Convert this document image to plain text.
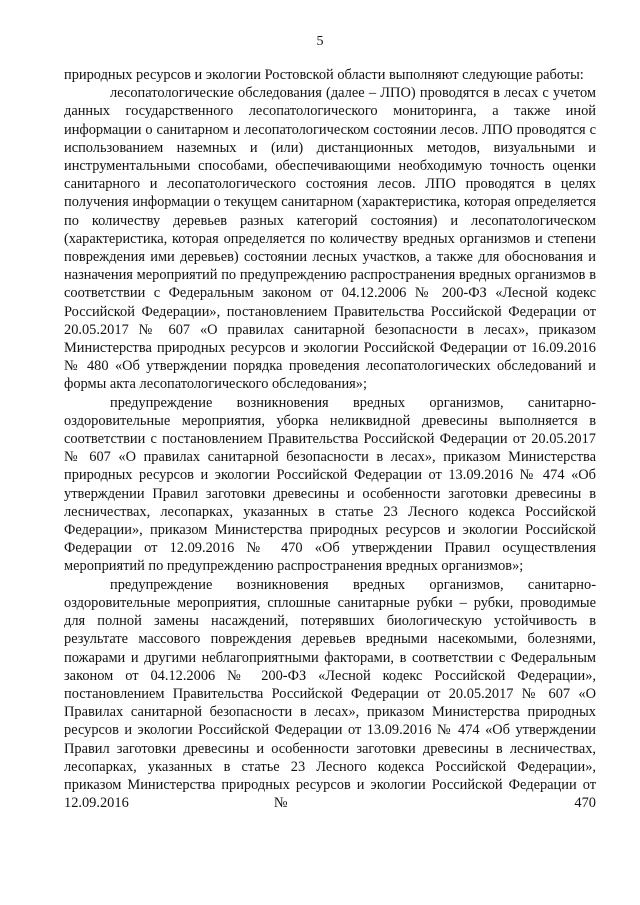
5

природных ресурсов и экологии Ростовской области выполняют следующие работы:

лесопатологические обследования (далее – ЛПО) проводятся в лесах с учетом данных государственного лесопатологического мониторинга, а также иной информации о санитарном и лесопатологическом состоянии лесов. ЛПО проводятся с использованием наземных и (или) дистанционных методов, визуальными и инструментальными способами, обеспечивающими необходимую точность оценки санитарного и лесопатологического состояния лесов. ЛПО проводятся в целях получения информации о текущем санитарном (характеристика, которая определяется по количеству деревьев разных категорий состояния) и лесопатологическом (характеристика, которая определяется по количеству вредных организмов и степени повреждения ими деревьев) состоянии лесных участков, а также для обоснования и назначения мероприятий по предупреждению распространения вредных организмов в соответствии с Федеральным законом от 04.12.2006 № 200-ФЗ «Лесной кодекс Российской Федерации», постановлением Правительства Российской Федерации от 20.05.2017 № 607 «О правилах санитарной безопасности в лесах», приказом Министерства природных ресурсов и экологии Российской Федерации от 16.09.2016 № 480 «Об утверждении порядка проведения лесопатологических обследований и формы акта лесопатологического обследования»;

предупреждение возникновения вредных организмов, санитарно-оздоровительные мероприятия, уборка неликвидной древесины выполняется в соответствии с постановлением Правительства Российской Федерации от 20.05.2017 № 607 «О правилах санитарной безопасности в лесах», приказом Министерства природных ресурсов и экологии Российской Федерации от 13.09.2016 № 474 «Об утверждении Правил заготовки древесины и особенности заготовки древесины в лесничествах, лесопарках, указанных в статье 23 Лесного кодекса Российской Федерации», приказом Министерства природных ресурсов и экологии Российской Федерации от 12.09.2016 № 470 «Об утверждении Правил осуществления мероприятий по предупреждению распространения вредных организмов»;

предупреждение возникновения вредных организмов, санитарно-оздоровительные мероприятия, сплошные санитарные рубки – рубки, проводимые для полной замены насаждений, потерявших биологическую устойчивость в результате массового повреждения деревьев вредными насекомыми, болезнями, пожарами и другими неблагоприятными факторами, в соответствии с Федеральным законом от 04.12.2006 № 200-ФЗ «Лесной кодекс Российской Федерации», постановлением Правительства Российской Федерации от 20.05.2017 № 607 «О Правилах санитарной безопасности в лесах», приказом Министерства природных ресурсов и экологии Российской Федерации от 13.09.2016 № 474 «Об утверждении Правил заготовки древесины и особенности заготовки древесины в лесничествах, лесопарках, указанных в статье 23 Лесного кодекса Российской Федерации», приказом Министерства природных ресурсов и экологии Российской Федерации от 12.09.2016 № 470
